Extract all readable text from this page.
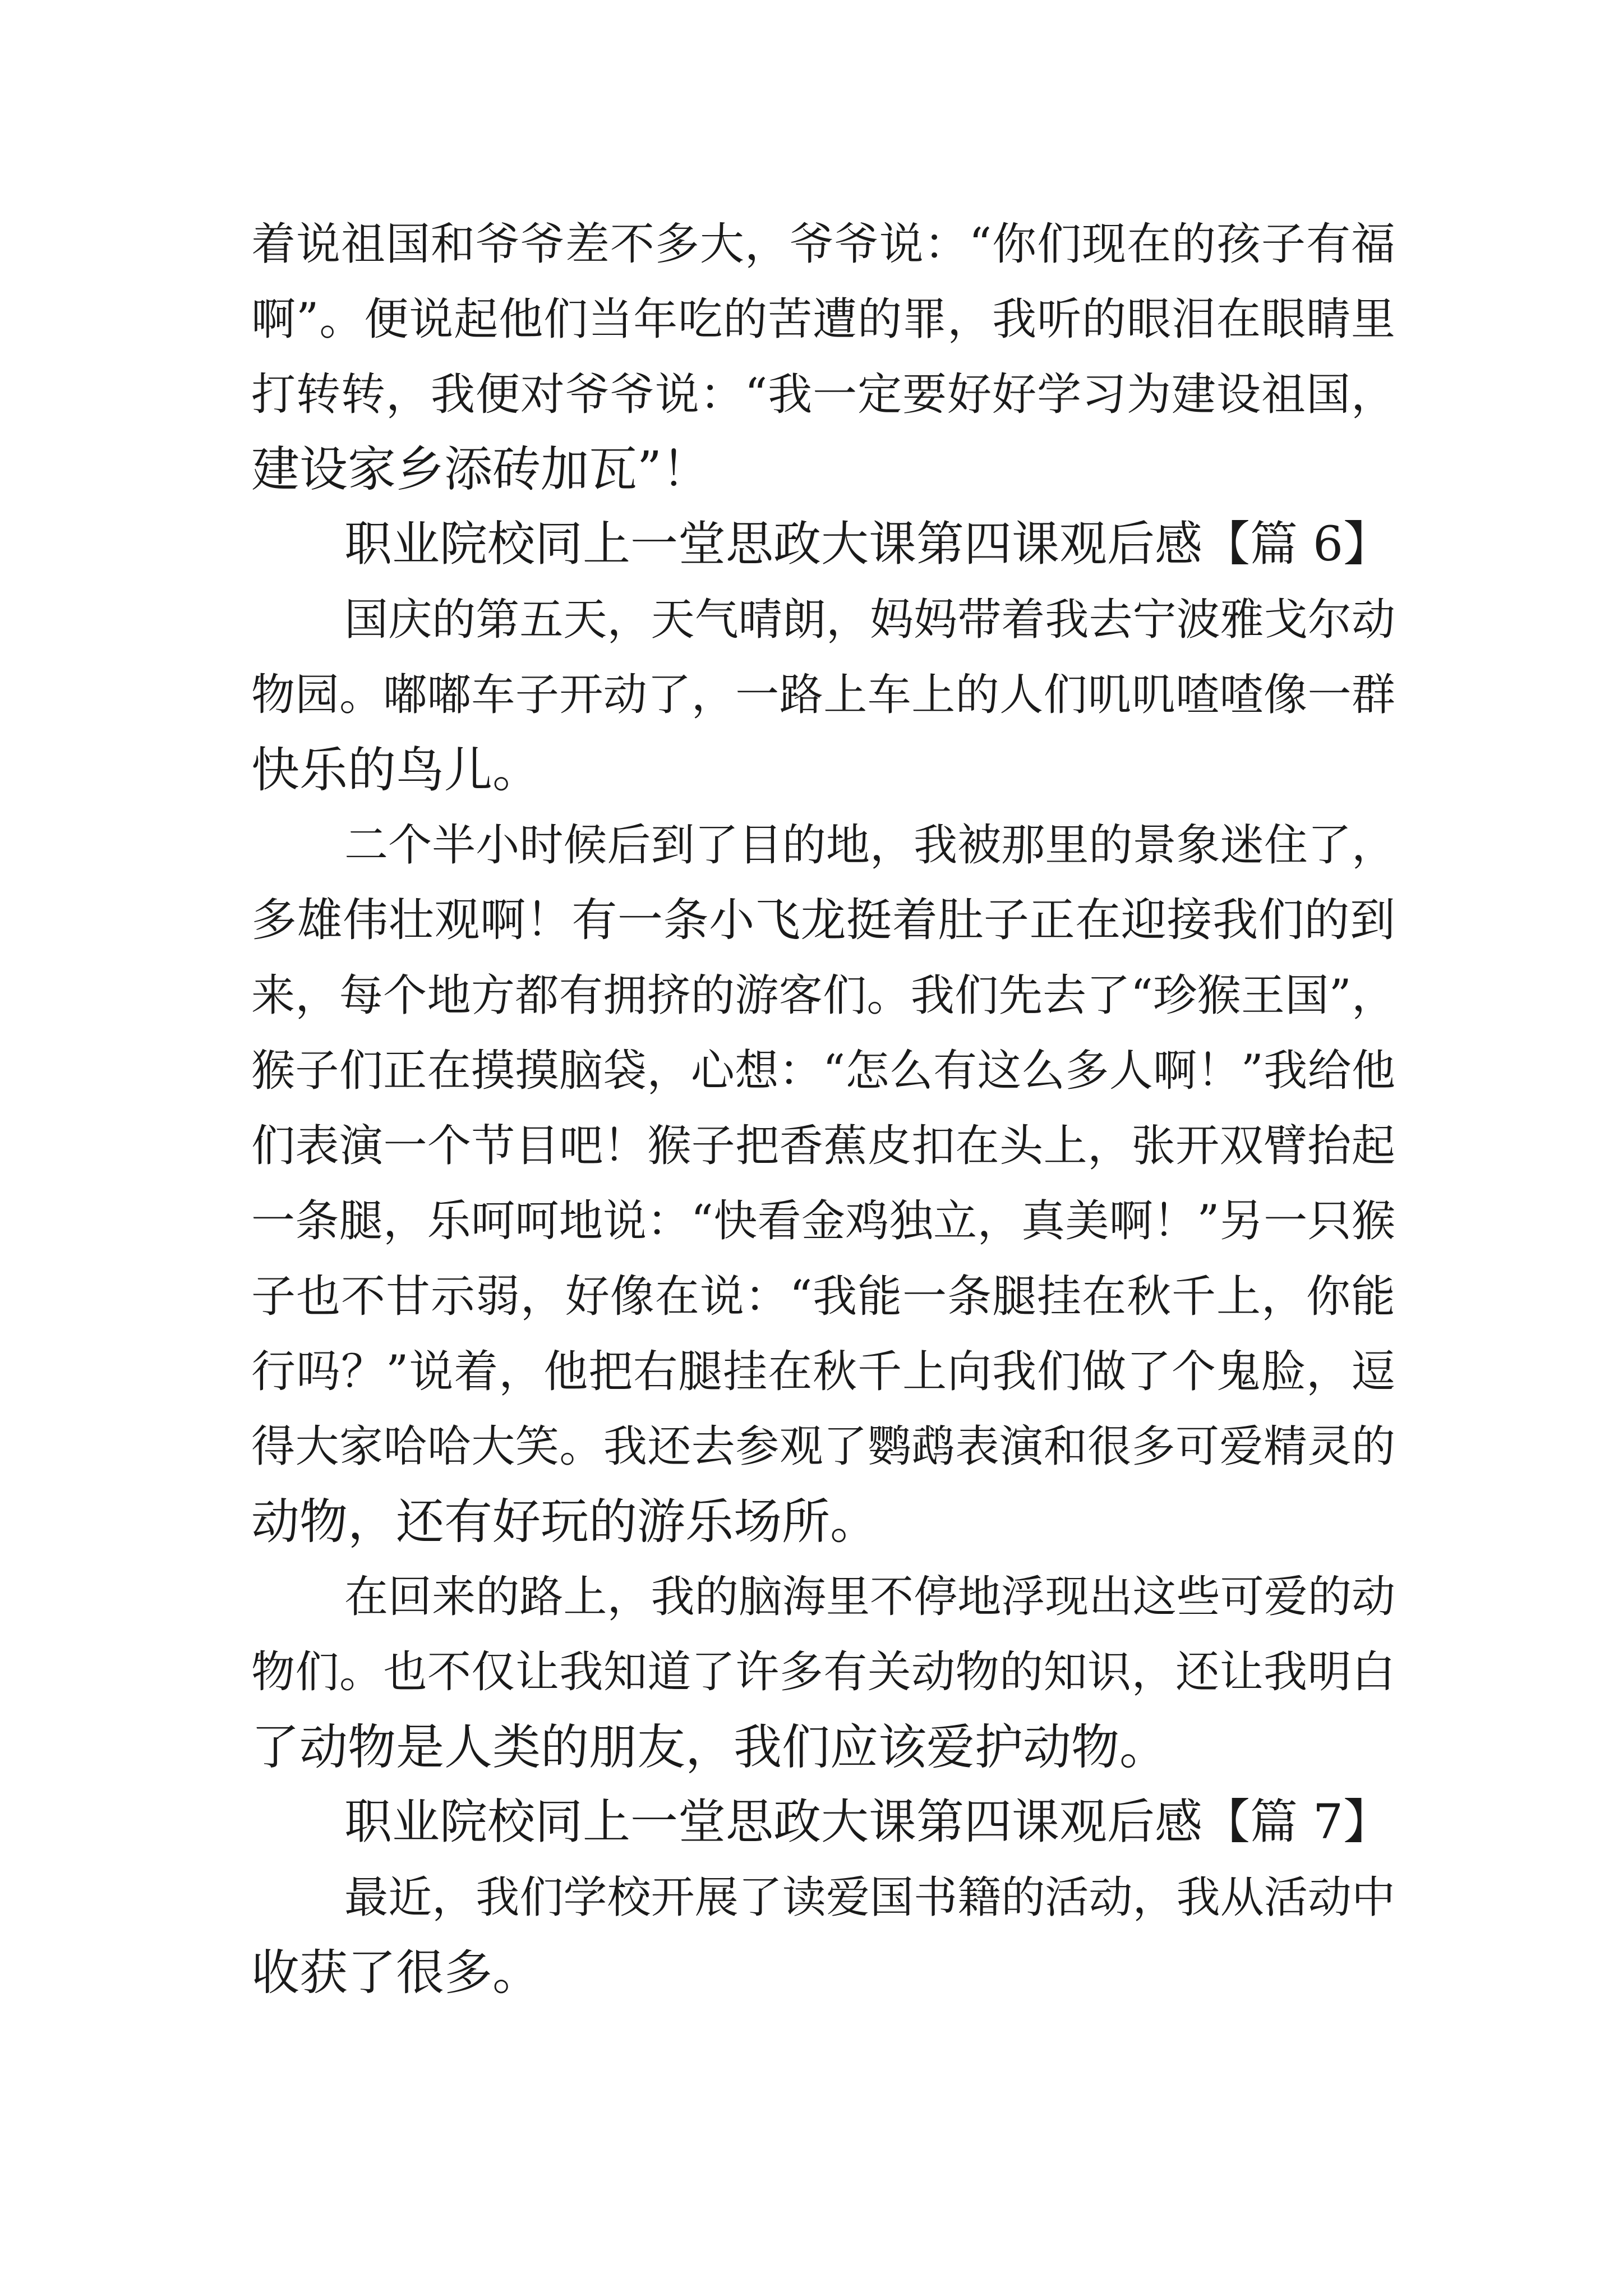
着说祖国和爷爷差不多大，爷爷说：“你们现在的孩子有福
啊”。便说起他们当年吃的苦遭的罪，我听的眼泪在眼睛里
打转转，我便对爷爷说：“我一定要好好学习为建设祖国，
建设家乡添砖加瓦”！
职业院校同上一堂思政大课第四课观后感【篇 6】
国庆的第五天，天气晴朗，妈妈带着我去宁波雅戈尔动
物园。嘟嘟车子开动了，一路上车上的人们叽叽喳喳像一群
快乐的鸟儿。
二个半小时候后到了目的地，我被那里的景象迷住了，
多雄伟壮观啊！有一条小飞龙挺着肚子正在迎接我们的到
来，每个地方都有拥挤的游客们。我们先去了“珍猴王国”，
猴子们正在摸摸脑袋，心想：“怎么有这么多人啊！”我给他
们表演一个节目吧！猴子把香蕉皮扣在头上，张开双臂抬起
一条腿，乐呵呵地说：“快看金鸡独立，真美啊！”另一只猴
子也不甘示弱，好像在说：“我能一条腿挂在秋千上，你能
行吗？”说着，他把右腿挂在秋千上向我们做了个鬼脸，逗
得大家哈哈大笑。我还去参观了鹦鹉表演和很多可爱精灵的
动物，还有好玩的游乐场所。
在回来的路上，我的脑海里不停地浮现出这些可爱的动
物们。也不仅让我知道了许多有关动物的知识，还让我明白
了动物是人类的朋友，我们应该爱护动物。
职业院校同上一堂思政大课第四课观后感【篇 7】
最近，我们学校开展了读爱国书籍的活动，我从活动中
收获了很多。
